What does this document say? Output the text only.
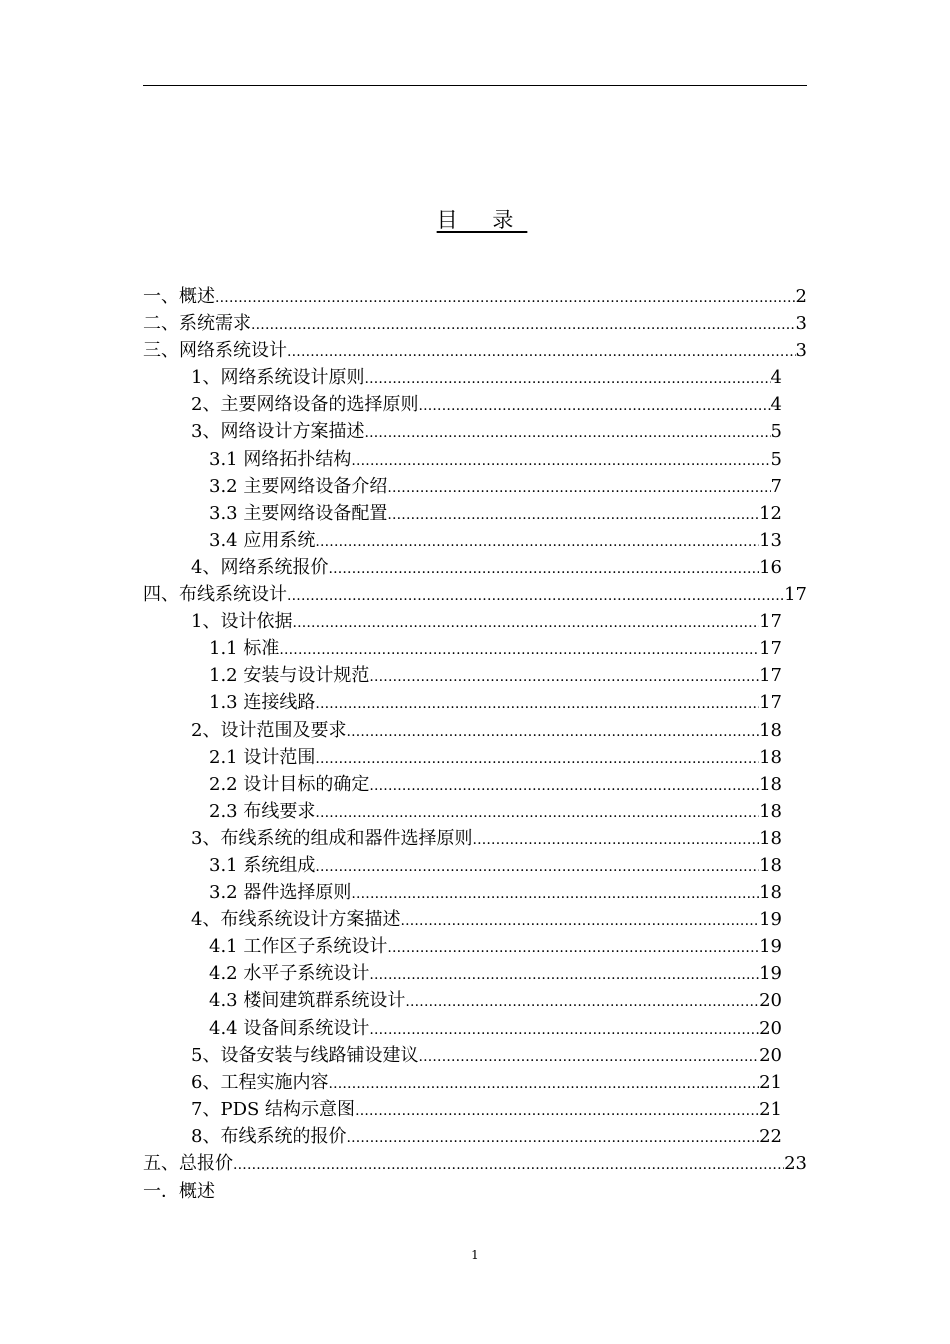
目 录
一、概述 .....	2
二、系统需求 .....	3
三、网络系统设计 .....	3
1、网络系统设计原则 .....	4
2、主要网络设备的选择原则 .....	4
3、网络设计方案描述 .....	5
3.1 网络拓扑结构 .....	5
3.2 主要网络设备介绍 .....	7
3.3 主要网络设备配置 .....	12
3.4 应用系统 .....	13
4、网络系统报价 .....	16
四、布线系统设计 .....	17
1、设计依据 .....	17
1.1 标准 .....	17
1.2 安装与设计规范 .....	17
1.3 连接线路 .....	17
2、设计范围及要求 .....	18
2.1 设计范围 .....	18
2.2 设计目标的确定 .....	18
2.3 布线要求 .....	18
3、布线系统的组成和器件选择原则 .....	18
3.1 系统组成 .....	18
3.2 器件选择原则 .....	18
4、布线系统设计方案描述 .....	19
4.1 工作区子系统设计 .....	19
4.2 水平子系统设计 .....	19
4.3 楼间建筑群系统设计 .....	20
4.4 设备间系统设计 .....	20
5、设备安装与线路铺设建议 .....	20
6、工程实施内容 .....	21
7、PDS 结构示意图 .....	21
8、布线系统的报价 .....	22
五、总报价 .....	23
一．概述
1
